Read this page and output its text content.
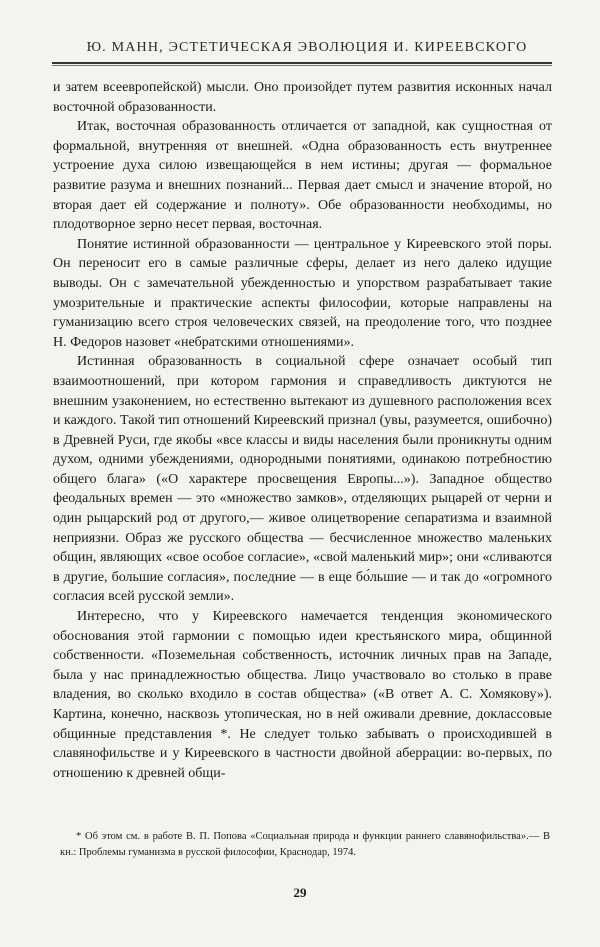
Ю. МАНН, ЭСТЕТИЧЕСКАЯ ЭВОЛЮЦИЯ И. КИРЕЕВСКОГО

и затем всеевропейской) мысли. Оно произойдет путем развития исконных начал восточной образованности.

Итак, восточная образованность отличается от западной, как сущностная от формальной, внутренняя от внешней. «Одна образованность есть внутреннее устроение духа силою извещающейся в нем истины; другая — формальное развитие разума и внешних познаний... Первая дает смысл и значение второй, но вторая дает ей содержание и полноту». Обе образованности необходимы, но плодотворное зерно несет первая, восточная.

Понятие истинной образованности — центральное у Киреевского этой поры. Он переносит его в самые различные сферы, делает из него далеко идущие выводы. Он с замечательной убежденностью и упорством разрабатывает такие умозрительные и практические аспекты философии, которые направлены на гуманизацию всего строя человеческих связей, на преодоление того, что позднее Н. Федоров назовет «небратскими отношениями».

Истинная образованность в социальной сфере означает особый тип взаимоотношений, при котором гармония и справедливость диктуются не внешним узаконением, но естественно вытекают из душевного расположения всех и каждого. Такой тип отношений Киреевский признал (увы, разумеется, ошибочно) в Древней Руси, где якобы «все классы и виды населения были проникнуты одним духом, одними убеждениями, однородными понятиями, одинакою потребностию общего блага» («О характере просвещения Европы...»). Западное общество феодальных времен — это «множество замков», отделяющих рыцарей от черни и один рыцарский род от другого,— живое олицетворение сепаратизма и взаимной неприязни. Образ же русского общества — бесчисленное множество маленьких общин, являющих «свое особое согласие», «свой маленький мир»; они «сливаются в другие, большие согласия», последние — в еще бо́льшие — и так до «огромного согласия всей русской земли».

Интересно, что у Киреевского намечается тенденция экономического обоснования этой гармонии с помощью идеи крестьянского мира, общинной собственности. «Поземельная собственность, источник личных прав на Западе, была у нас принадлежностью общества. Лицо участвовало во столько в праве владения, во сколько входило в состав общества» («В ответ А. С. Хомякову»). Картина, конечно, насквозь утопическая, но в ней оживали древние, доклассовые общинные представления *. Не следует только забывать о происходившей в славянофильстве и у Киреевского в частности двойной аберрации: во-первых, по отношению к древней общи-

* Об этом см. в работе В. П. Попова «Социальная природа и функции раннего славянофильства».— В кн.: Проблемы гуманизма в русской философии, Краснодар, 1974.

29
